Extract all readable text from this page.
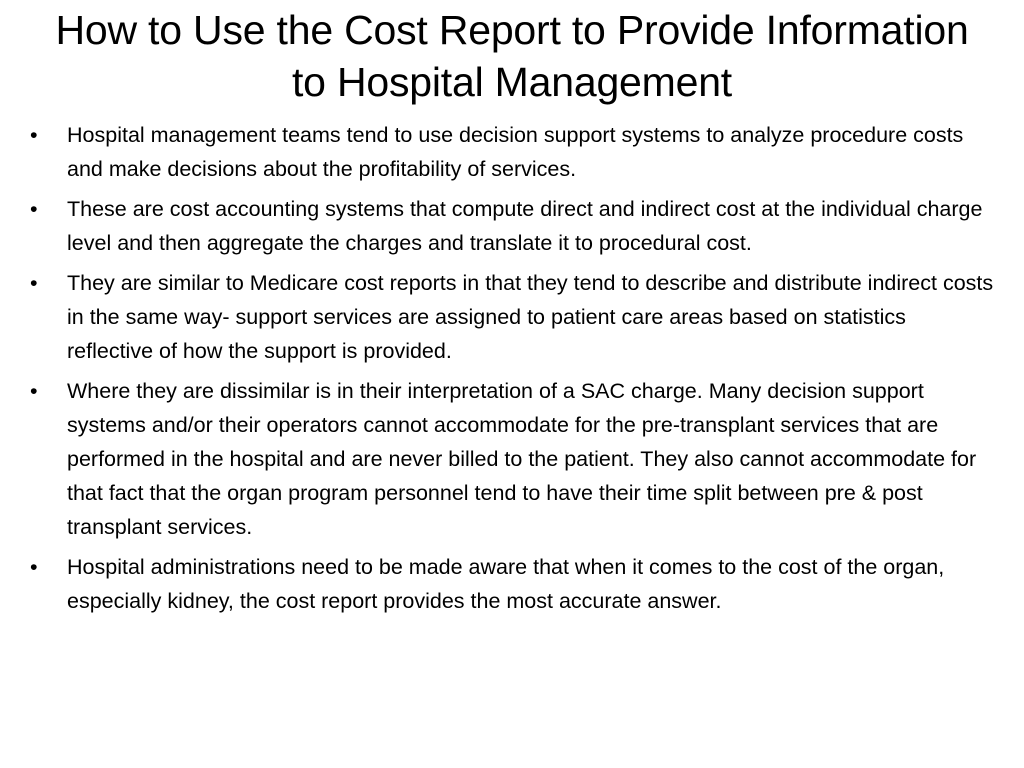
How to Use the Cost Report to Provide Information to Hospital Management
•	Hospital management teams tend to use decision support systems to analyze procedure costs and make decisions about the profitability of services.
•	These are cost accounting systems that compute direct and indirect cost at the individual charge level and then aggregate the charges and translate it to procedural cost.
•	They are similar to Medicare cost reports in that they tend to describe and distribute indirect costs in the same way- support services are assigned to patient care areas based on statistics reflective of how the support is provided.
•	Where they are dissimilar is in their interpretation of a SAC charge. Many decision support systems and/or their operators cannot accommodate for the pre-transplant services that are performed in the hospital and are never billed to the patient. They also cannot accommodate for that fact that the organ program personnel tend to have their time split between pre & post transplant services.
•	Hospital administrations need to be made aware that when it comes to the cost of the organ, especially kidney, the cost report provides the most accurate answer.
